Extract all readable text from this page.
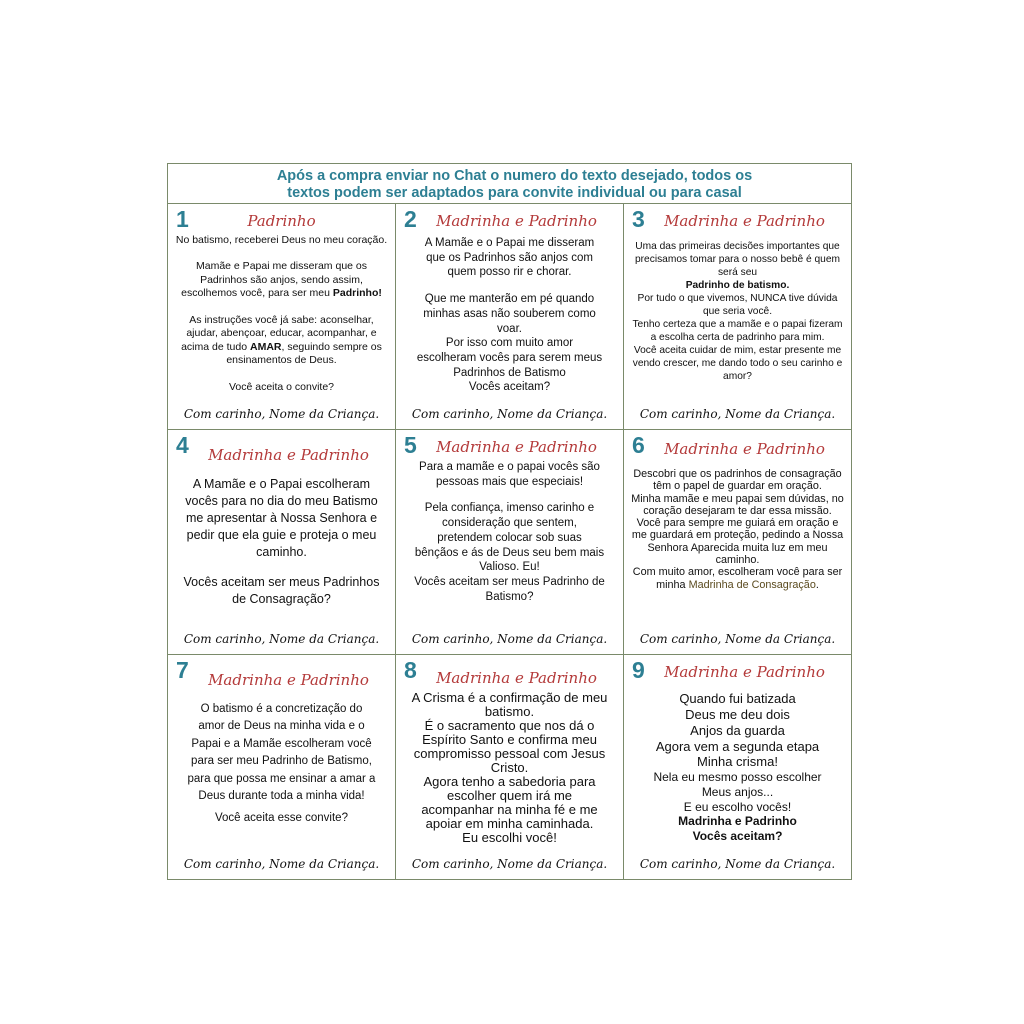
Após a compra enviar no Chat o numero do texto desejado, todos os
textos podem ser adaptados para convite individual ou para casal
1	Padrinho

No batismo, receberei Deus no meu coração.

Mamãe e Papai me disseram que os Padrinhos são anjos, sendo assim, escolhemos você, para ser meu Padrinho!

As instruções você já sabe: aconselhar, ajudar, abençoar, educar, acompanhar, e acima de tudo AMAR, seguindo sempre os ensinamentos de Deus.

Você aceita o convite?

Com carinho, Nome da Criança.
2	Madrinha e Padrinho

A Mamãe e o Papai me disseram que os Padrinhos são anjos com quem posso rir e chorar.

Que me manterão em pé quando minhas asas não souberem como voar.

Por isso com muito amor escolheram vocês para serem meus Padrinhos de Batismo

Vocês aceitam?

Com carinho, Nome da Criança.
3	Madrinha e Padrinho

Uma das primeiras decisões importantes que precisamos tomar para o nosso bebê é quem será seu

Padrinho de batismo.

Por tudo o que vivemos, NUNCA tive dúvida que seria você.

Tenho certeza que a mamãe e o papai fizeram a escolha certa de padrinho para mim.

Você aceita cuidar de mim, estar presente me vendo crescer, me dando todo o seu carinho e amor?

Com carinho, Nome da Criança.
4	Madrinha e Padrinho

A Mamãe e o Papai escolheram vocês para no dia do meu Batismo me apresentar à Nossa Senhora e pedir que ela guie e proteja o meu caminho.

Vocês aceitam ser meus Padrinhos de Consagração?

Com carinho, Nome da Criança.
5	Madrinha e Padrinho

Para a mamãe e o papai vocês são pessoas mais que especiais!

Pela confiança, imenso carinho e consideração que sentem, pretendem colocar sob suas bênçãos e ás de Deus seu bem mais Valioso. Eu!

Vocês aceitam ser meus Padrinho de Batismo?

Com carinho, Nome da Criança.
6	Madrinha e Padrinho

Descobri que os padrinhos de consagração têm o papel de guardar em oração.

Minha mamãe e meu papai sem dúvidas, no coração desejaram te dar essa missão.

Você para sempre me guiará em oração e me guardará em proteção, pedindo a Nossa Senhora Aparecida muita luz em meu caminho.

Com muito amor, escolheram você para ser minha Madrinha de Consagração.

Com carinho, Nome da Criança.
7	Madrinha e Padrinho

O batismo é a concretização do amor de Deus na minha vida e o Papai e a Mamãe escolheram você para ser meu Padrinho de Batismo, para que possa me ensinar a amar a Deus durante toda a minha vida!

Você aceita esse convite?

Com carinho, Nome da Criança.
8	Madrinha e Padrinho

A Crisma é a confirmação de meu batismo.

É o sacramento que nos dá o Espírito Santo e confirma meu compromisso pessoal com Jesus Cristo.

Agora tenho a sabedoria para escolher quem irá me acompanhar na minha fé e me apoiar em minha caminhada.

Eu escolhi você!

Com carinho, Nome da Criança.
9	Madrinha e Padrinho

Quando fui batizada

Deus me deu dois

Anjos da guarda

Agora vem a segunda etapa

Minha crisma!

Nela eu mesmo posso escolher

Meus anjos...

E eu escolho vocês!

Madrinha e Padrinho

Vocês aceitam?

Com carinho, Nome da Criança.
